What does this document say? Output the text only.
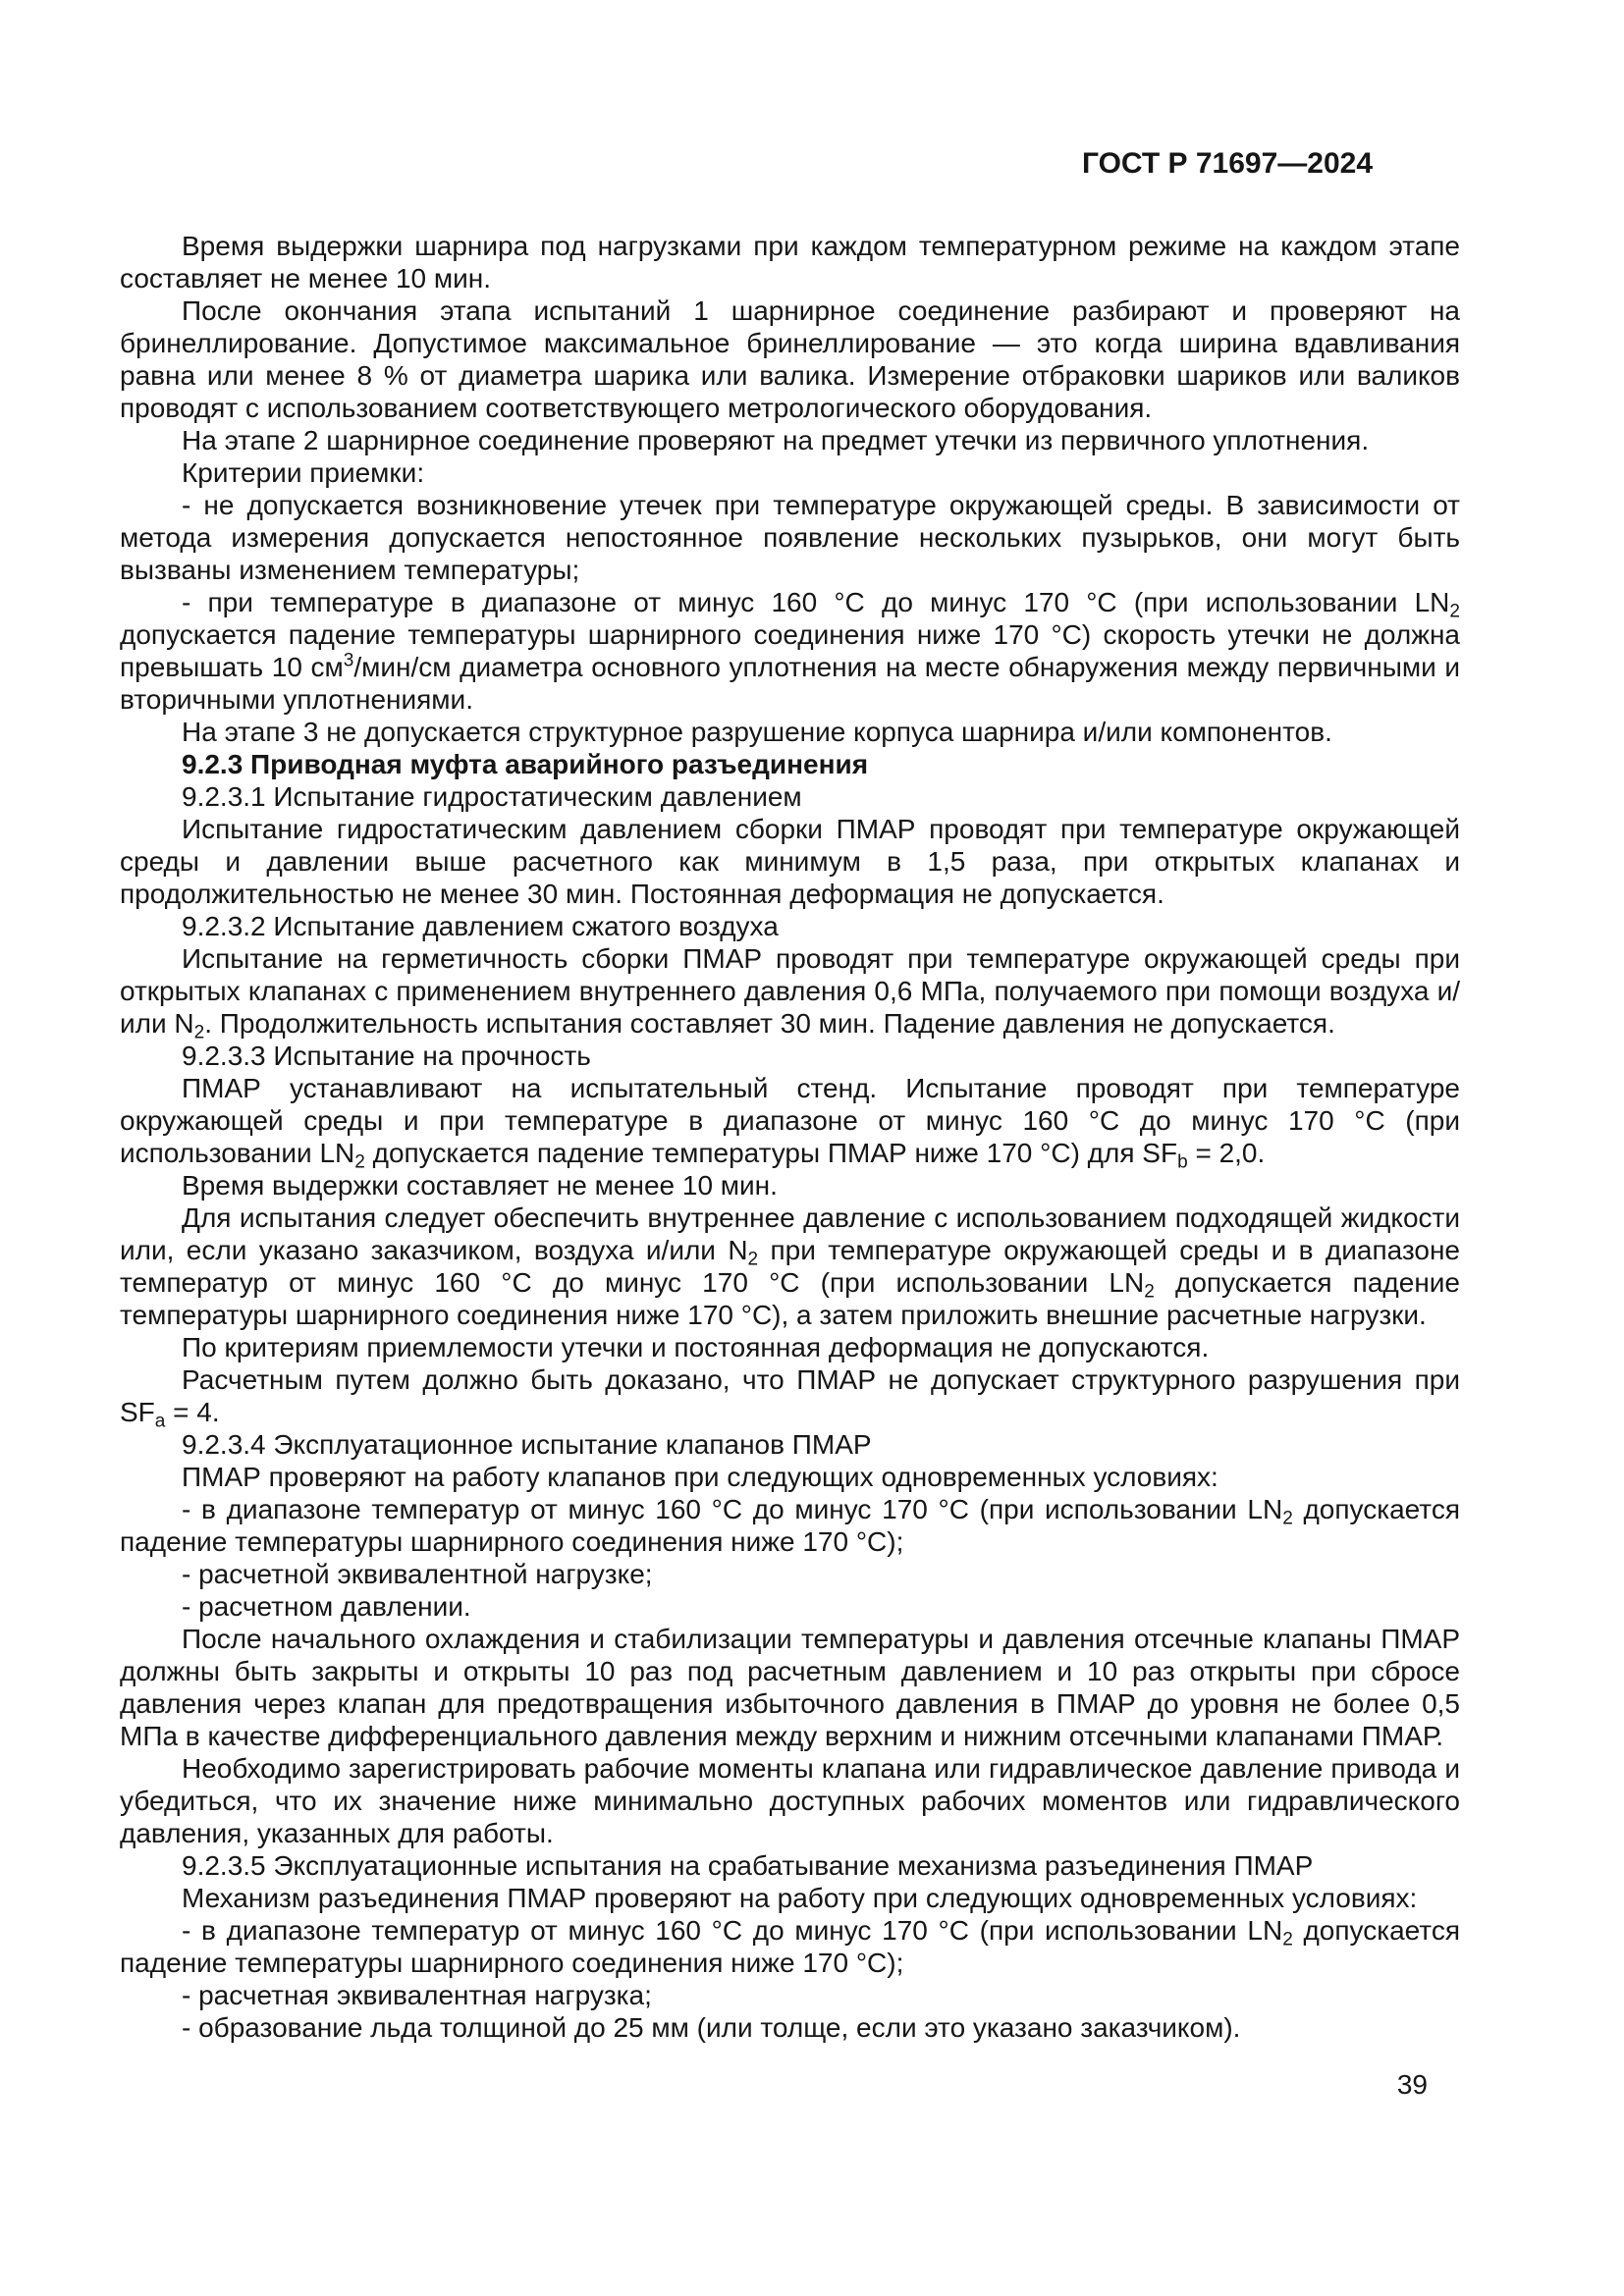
ГОСТ Р 71697—2024
Время выдержки шарнира под нагрузками при каждом температурном режиме на каждом этапе составляет не менее 10 мин.
После окончания этапа испытаний 1 шарнирное соединение разбирают и проверяют на бринеллирование. Допустимое максимальное бринеллирование — это когда ширина вдавливания равна или менее 8 % от диаметра шарика или валика. Измерение отбраковки шариков или валиков проводят с использованием соответствующего метрологического оборудования.
На этапе 2 шарнирное соединение проверяют на предмет утечки из первичного уплотнения.
Критерии приемки:
- не допускается возникновение утечек при температуре окружающей среды. В зависимости от метода измерения допускается непостоянное появление нескольких пузырьков, они могут быть вызваны изменением температуры;
- при температуре в диапазоне от минус 160 °С до минус 170 °С (при использовании $LN_2$ допускается падение температуры шарнирного соединения ниже 170 °С) скорость утечки не должна превышать 10 $см^3/мин/см$ диаметра основного уплотнения на месте обнаружения между первичными и вторичными уплотнениями.
На этапе 3 не допускается структурное разрушение корпуса шарнира и/или компонентов.
9.2.3 Приводная муфта аварийного разъединения
9.2.3.1 Испытание гидростатическим давлением
Испытание гидростатическим давлением сборки ПМАР проводят при температуре окружающей среды и давлении выше расчетного как минимум в 1,5 раза, при открытых клапанах и продолжительностью не менее 30 мин. Постоянная деформация не допускается.
9.2.3.2 Испытание давлением сжатого воздуха
Испытание на герметичность сборки ПМАР проводят при температуре окружающей среды при открытых клапанах с применением внутреннего давления 0,6 МПа, получаемого при помощи воздуха и/или $N_2$. Продолжительность испытания составляет 30 мин. Падение давления не допускается.
9.2.3.3 Испытание на прочность
ПМАР устанавливают на испытательный стенд. Испытание проводят при температуре окружающей среды и при температуре в диапазоне от минус 160 °С до минус 170 °С (при использовании $LN_2$ допускается падение температуры ПМАР ниже 170 °С) для $SF_b = 2,0$.
Время выдержки составляет не менее 10 мин.
Для испытания следует обеспечить внутреннее давление с использованием подходящей жидкости или, если указано заказчиком, воздуха и/или $N_2$ при температуре окружающей среды и в диапазоне температур от минус 160 °С до минус 170 °С (при использовании $LN_2$ допускается падение температуры шарнирного соединения ниже 170 °С), а затем приложить внешние расчетные нагрузки.
По критериям приемлемости утечки и постоянная деформация не допускаются.
Расчетным путем должно быть доказано, что ПМАР не допускает структурного разрушения при $SF_a = 4$.
9.2.3.4 Эксплуатационное испытание клапанов ПМАР
ПМАР проверяют на работу клапанов при следующих одновременных условиях:
- в диапазоне температур от минус 160 °С до минус 170 °С (при использовании $LN_2$ допускается падение температуры шарнирного соединения ниже 170 °С);
- расчетной эквивалентной нагрузке;
- расчетном давлении.
После начального охлаждения и стабилизации температуры и давления отсечные клапаны ПМАР должны быть закрыты и открыты 10 раз под расчетным давлением и 10 раз открыты при сбросе давления через клапан для предотвращения избыточного давления в ПМАР до уровня не более 0,5 МПа в качестве дифференциального давления между верхним и нижним отсечными клапанами ПМАР.
Необходимо зарегистрировать рабочие моменты клапана или гидравлическое давление привода и убедиться, что их значение ниже минимально доступных рабочих моментов или гидравлического давления, указанных для работы.
9.2.3.5 Эксплуатационные испытания на срабатывание механизма разъединения ПМАР
Механизм разъединения ПМАР проверяют на работу при следующих одновременных условиях:
- в диапазоне температур от минус 160 °С до минус 170 °С (при использовании $LN_2$ допускается падение температуры шарнирного соединения ниже 170 °С);
- расчетная эквивалентная нагрузка;
- образование льда толщиной до 25 мм (или толще, если это указано заказчиком).
39
